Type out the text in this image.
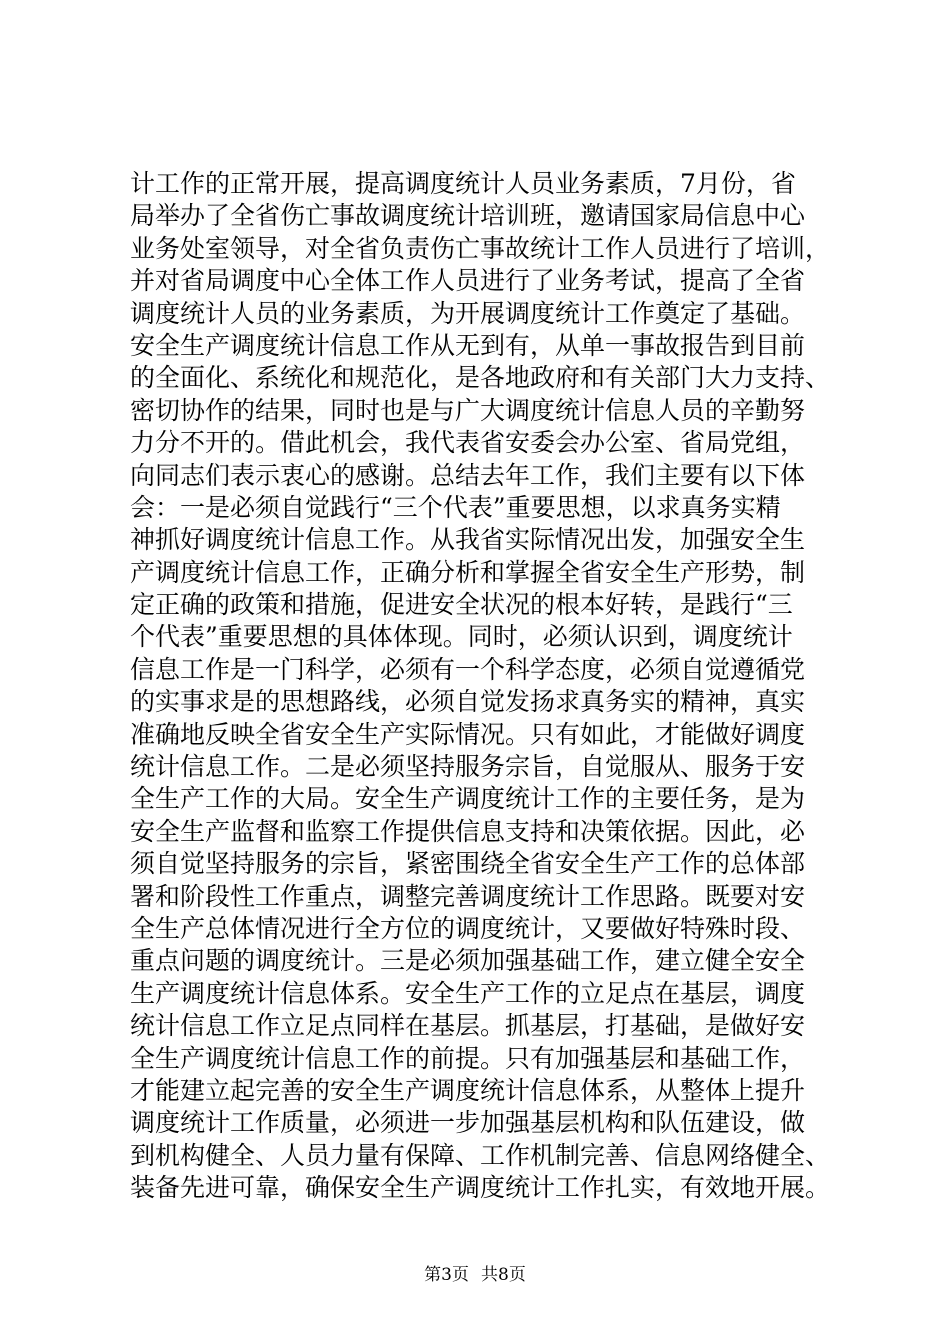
计工作的正常开展，提高调度统计人员业务素质，7月份，省
局举办了全省伤亡事故调度统计培训班，邀请国家局信息中心
业务处室领导，对全省负责伤亡事故统计工作人员进行了培训，
并对省局调度中心全体工作人员进行了业务考试，提高了全省
调度统计人员的业务素质，为开展调度统计工作奠定了基础。
安全生产调度统计信息工作从无到有，从单一事故报告到目前
的全面化、系统化和规范化，是各地政府和有关部门大力支持、
密切协作的结果，同时也是与广大调度统计信息人员的辛勤努
力分不开的。借此机会，我代表省安委会办公室、省局党组，
向同志们表示衷心的感谢。总结去年工作，我们主要有以下体
会：一是必须自觉践行“三个代表”重要思想，以求真务实精
神抓好调度统计信息工作。从我省实际情况出发，加强安全生
产调度统计信息工作，正确分析和掌握全省安全生产形势，制
定正确的政策和措施，促进安全状况的根本好转，是践行“三
个代表”重要思想的具体体现。同时，必须认识到，调度统计
信息工作是一门科学，必须有一个科学态度，必须自觉遵循党
的实事求是的思想路线，必须自觉发扬求真务实的精神，真实
准确地反映全省安全生产实际情况。只有如此，才能做好调度
统计信息工作。二是必须坚持服务宗旨，自觉服从、服务于安
全生产工作的大局。安全生产调度统计工作的主要任务，是为
安全生产监督和监察工作提供信息支持和决策依据。因此，必
须自觉坚持服务的宗旨，紧密围绕全省安全生产工作的总体部
署和阶段性工作重点，调整完善调度统计工作思路。既要对安
全生产总体情况进行全方位的调度统计，又要做好特殊时段、
重点问题的调度统计。三是必须加强基础工作，建立健全安全
生产调度统计信息体系。安全生产工作的立足点在基层，调度
统计信息工作立足点同样在基层。抓基层，打基础，是做好安
全生产调度统计信息工作的前提。只有加强基层和基础工作，
才能建立起完善的安全生产调度统计信息体系，从整体上提升
调度统计工作质量，必须进一步加强基层机构和队伍建设，做
到机构健全、人员力量有保障、工作机制完善、信息网络健全、
装备先进可靠，确保安全生产调度统计工作扎实，有效地开展。
第3页 共8页
